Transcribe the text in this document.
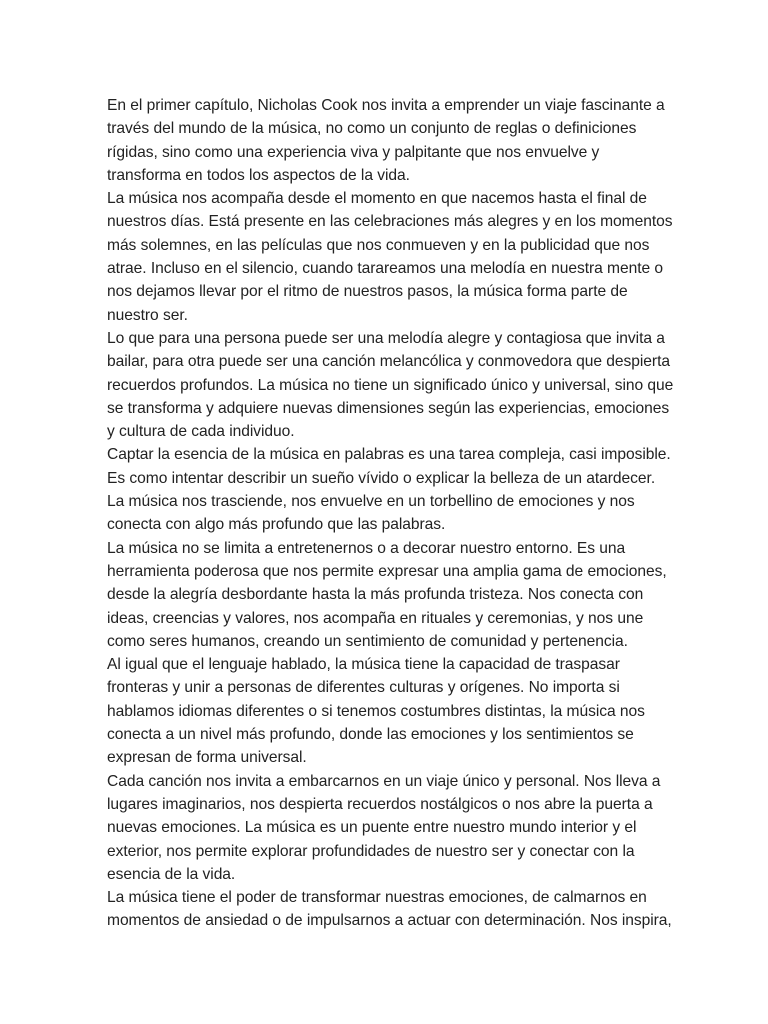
En el primer capítulo, Nicholas Cook nos invita a emprender un viaje fascinante a
través del mundo de la música, no como un conjunto de reglas o definiciones
rígidas, sino como una experiencia viva y palpitante que nos envuelve y
transforma en todos los aspectos de la vida.

La música nos acompaña desde el momento en que nacemos hasta el final de
nuestros días. Está presente en las celebraciones más alegres y en los momentos
más solemnes, en las películas que nos conmueven y en la publicidad que nos
atrae. Incluso en el silencio, cuando tarareamos una melodía en nuestra mente o
nos dejamos llevar por el ritmo de nuestros pasos, la música forma parte de
nuestro ser.

Lo que para una persona puede ser una melodía alegre y contagiosa que invita a
bailar, para otra puede ser una canción melancólica y conmovedora que despierta
recuerdos profundos. La música no tiene un significado único y universal, sino que
se transforma y adquiere nuevas dimensiones según las experiencias, emociones
y cultura de cada individuo.

Captar la esencia de la música en palabras es una tarea compleja, casi imposible.
Es como intentar describir un sueño vívido o explicar la belleza de un atardecer.
La música nos trasciende, nos envuelve en un torbellino de emociones y nos
conecta con algo más profundo que las palabras.

La música no se limita a entretenernos o a decorar nuestro entorno. Es una
herramienta poderosa que nos permite expresar una amplia gama de emociones,
desde la alegría desbordante hasta la más profunda tristeza. Nos conecta con
ideas, creencias y valores, nos acompaña en rituales y ceremonias, y nos une
como seres humanos, creando un sentimiento de comunidad y pertenencia.

Al igual que el lenguaje hablado, la música tiene la capacidad de traspasar
fronteras y unir a personas de diferentes culturas y orígenes. No importa si
hablamos idiomas diferentes o si tenemos costumbres distintas, la música nos
conecta a un nivel más profundo, donde las emociones y los sentimientos se
expresan de forma universal.

Cada canción nos invita a embarcarnos en un viaje único y personal. Nos lleva a
lugares imaginarios, nos despierta recuerdos nostálgicos o nos abre la puerta a
nuevas emociones. La música es un puente entre nuestro mundo interior y el
exterior, nos permite explorar profundidades de nuestro ser y conectar con la
esencia de la vida.

La música tiene el poder de transformar nuestras emociones, de calmarnos en
momentos de ansiedad o de impulsarnos a actuar con determinación. Nos inspira,
